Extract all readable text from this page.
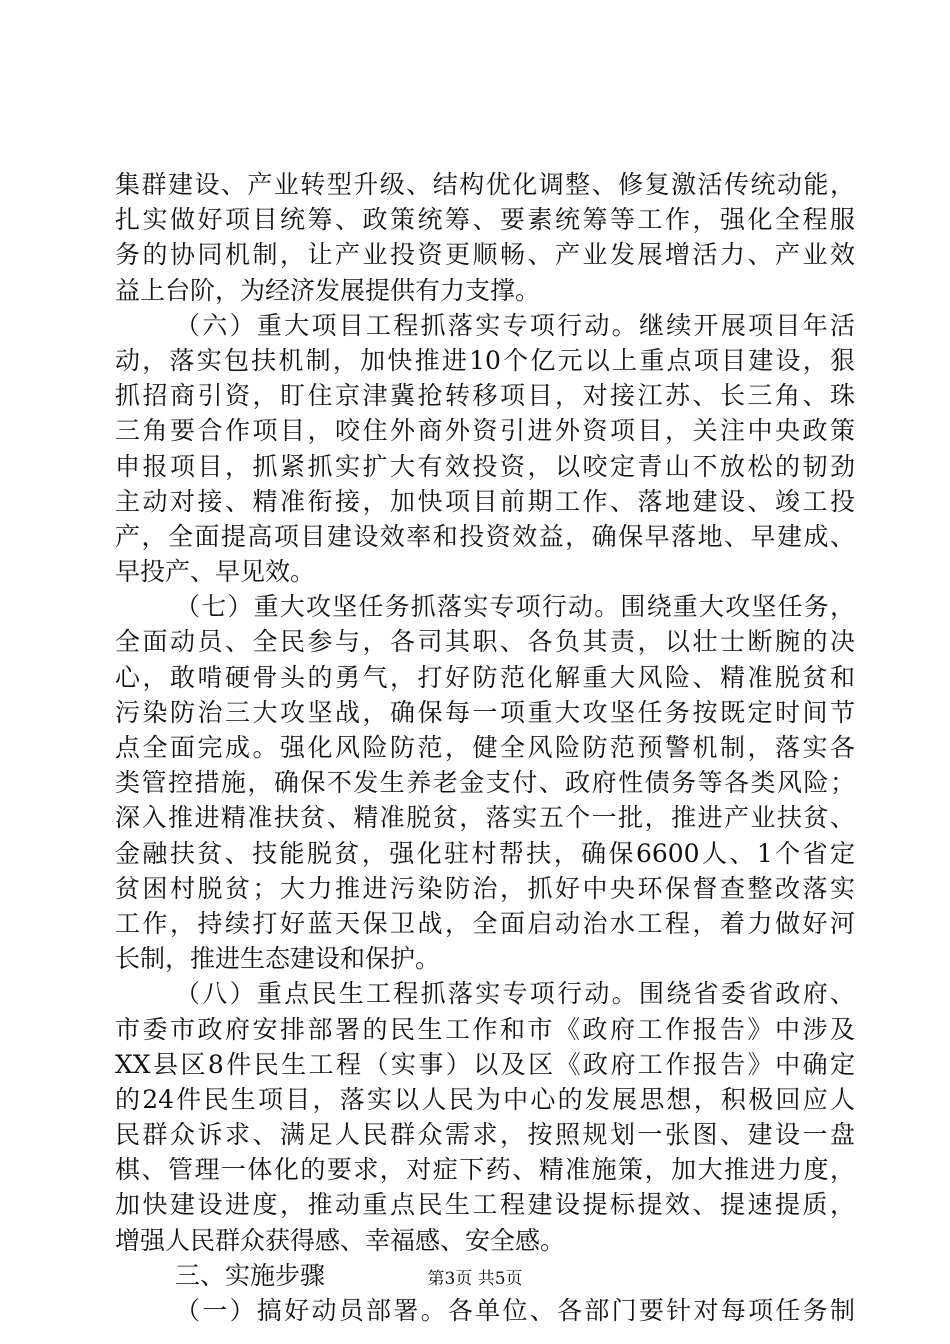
集群建设、产业转型升级、结构优化调整、修复激活传统动能，
扎实做好项目统筹、政策统筹、要素统筹等工作，强化全程服
务的协同机制，让产业投资更顺畅、产业发展增活力、产业效
益上台阶，为经济发展提供有力支撑。
（六）重大项目工程抓落实专项行动。继续开展项目年活
动，落实包扶机制，加快推进10个亿元以上重点项目建设，狠
抓招商引资，盯住京津冀抢转移项目，对接江苏、长三角、珠
三角要合作项目，咬住外商外资引进外资项目，关注中央政策
申报项目，抓紧抓实扩大有效投资，以咬定青山不放松的韧劲
主动对接、精准衔接，加快项目前期工作、落地建设、竣工投
产，全面提高项目建设效率和投资效益，确保早落地、早建成、
早投产、早见效。
（七）重大攻坚任务抓落实专项行动。围绕重大攻坚任务，
全面动员、全民参与，各司其职、各负其责，以壮士断腕的决
心，敢啃硬骨头的勇气，打好防范化解重大风险、精准脱贫和
污染防治三大攻坚战，确保每一项重大攻坚任务按既定时间节
点全面完成。强化风险防范，健全风险防范预警机制，落实各
类管控措施，确保不发生养老金支付、政府性债务等各类风险；
深入推进精准扶贫、精准脱贫，落实五个一批，推进产业扶贫、
金融扶贫、技能脱贫，强化驻村帮扶，确保6600人、1个省定
贫困村脱贫；大力推进污染防治，抓好中央环保督查整改落实
工作，持续打好蓝天保卫战，全面启动治水工程，着力做好河
长制，推进生态建设和保护。
（八）重点民生工程抓落实专项行动。围绕省委省政府、
市委市政府安排部署的民生工作和市《政府工作报告》中涉及
XX县区8件民生工程（实事）以及区《政府工作报告》中确定
的24件民生项目，落实以人民为中心的发展思想，积极回应人
民群众诉求、满足人民群众需求，按照规划一张图、建设一盘
棋、管理一体化的要求，对症下药、精准施策，加大推进力度，
加快建设进度，推动重点民生工程建设提标提效、提速提质，
增强人民群众获得感、幸福感、安全感。
三、实施步骤
（一）搞好动员部署。各单位、各部门要针对每项任务制
第3页 共5页
